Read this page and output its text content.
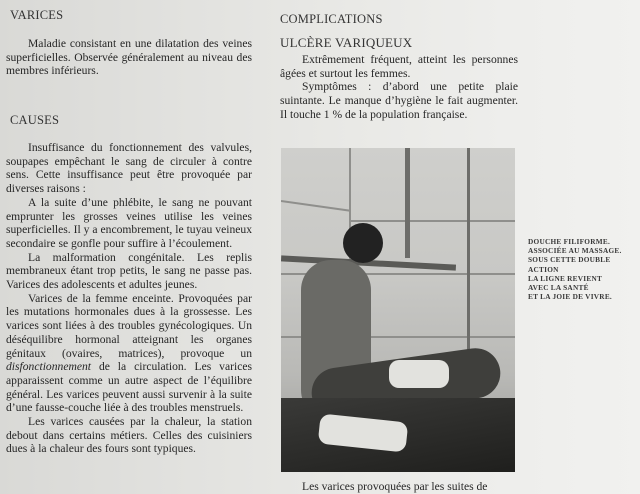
VARICES

Maladie consistant en une dilatation des veines superficielles. Observée généralement au niveau des membres inférieurs.

CAUSES

Insuffisance du fonctionnement des valvules, soupapes empêchant le sang de circuler à contre sens. Cette insuffisance peut être provoquée par diverses raisons :

A la suite d’une phlébite, le sang ne pouvant emprunter les grosses veines utilise les veines superficielles. Il y a encombrement, le tuyau veineux secondaire se gonfle pour suffire à l’écoulement.

La malformation congénitale. Les replis membraneux étant trop petits, le sang ne passe pas. Varices des adolescents et adultes jeunes.

Varices de la femme enceinte. Provoquées par les mutations hormonales dues à la grossesse. Les varices sont liées à des troubles gynécologiques. Un déséquilibre hormonal atteignant les organes génitaux (ovaires, matrices), provoque un disfonctionnement de la circulation. Les varices apparaissent comme un autre aspect de l’équilibre général. Les varices peuvent aussi survenir à la suite d’une fausse-couche liée à des troubles menstruels.

Les varices causées par la chaleur, la station debout dans certains métiers. Celles des cuisiniers dues à la chaleur des fours sont typiques.

COMPLICATIONS
ULCÈRE VARIQUEUX

Extrêmement fréquent, atteint les personnes âgées et surtout les femmes.

Symptômes : d’abord une petite plaie suintante. Le manque d’hygiène le fait augmenter. Il touche 1 % de la population française.

DOUCHE FILIFORME.
ASSOCIÉE AU MASSAGE.
SOUS CETTE DOUBLE
ACTION
LA LIGNE REVIENT
AVEC LA SANTÉ
ET LA JOIE DE VIVRE.

Les varices provoquées par les suites de
